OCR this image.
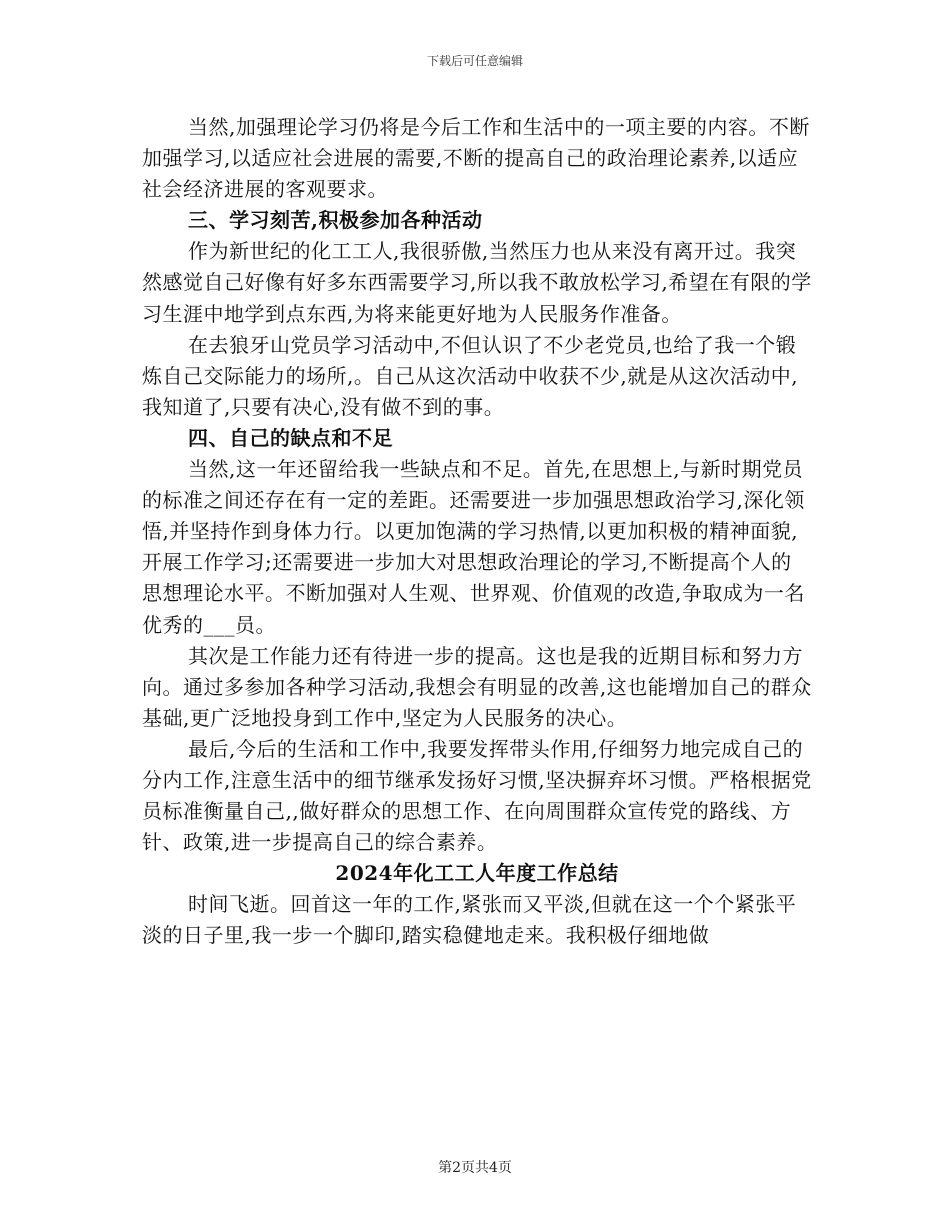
下载后可任意编辑

当然,加强理论学习仍将是今后工作和生活中的一项主要的内容。不断加强学习,以适应社会进展的需要,不断的提高自己的政治理论素养,以适应社会经济进展的客观要求。

三、学习刻苦,积极参加各种活动

作为新世纪的化工工人,我很骄傲,当然压力也从来没有离开过。我突然感觉自己好像有好多东西需要学习,所以我不敢放松学习,希望在有限的学习生涯中地学到点东西,为将来能更好地为人民服务作准备。

在去狼牙山党员学习活动中,不但认识了不少老党员,也给了我一个锻炼自己交际能力的场所,。自己从这次活动中收获不少,就是从这次活动中,我知道了,只要有决心,没有做不到的事。

四、自己的缺点和不足

当然,这一年还留给我一些缺点和不足。首先,在思想上,与新时期党员的标准之间还存在有一定的差距。还需要进一步加强思想政治学习,深化领悟,并坚持作到身体力行。以更加饱满的学习热情,以更加积极的精神面貌,开展工作学习;还需要进一步加大对思想政治理论的学习,不断提高个人的思想理论水平。不断加强对人生观、世界观、价值观的改造,争取成为一名优秀的___员。

其次是工作能力还有待进一步的提高。这也是我的近期目标和努力方向。通过多参加各种学习活动,我想会有明显的改善,这也能增加自己的群众基础,更广泛地投身到工作中,坚定为人民服务的决心。

最后,今后的生活和工作中,我要发挥带头作用,仔细努力地完成自己的分内工作,注意生活中的细节继承发扬好习惯,坚决摒弃坏习惯。严格根据党员标准衡量自己,,做好群众的思想工作、在向周围群众宣传党的路线、方针、政策,进一步提高自己的综合素养。

2024年化工工人年度工作总结

时间飞逝。回首这一年的工作,紧张而又平淡,但就在这一个个紧张平淡的日子里,我一步一个脚印,踏实稳健地走来。我积极仔细地做

第2页共4页
